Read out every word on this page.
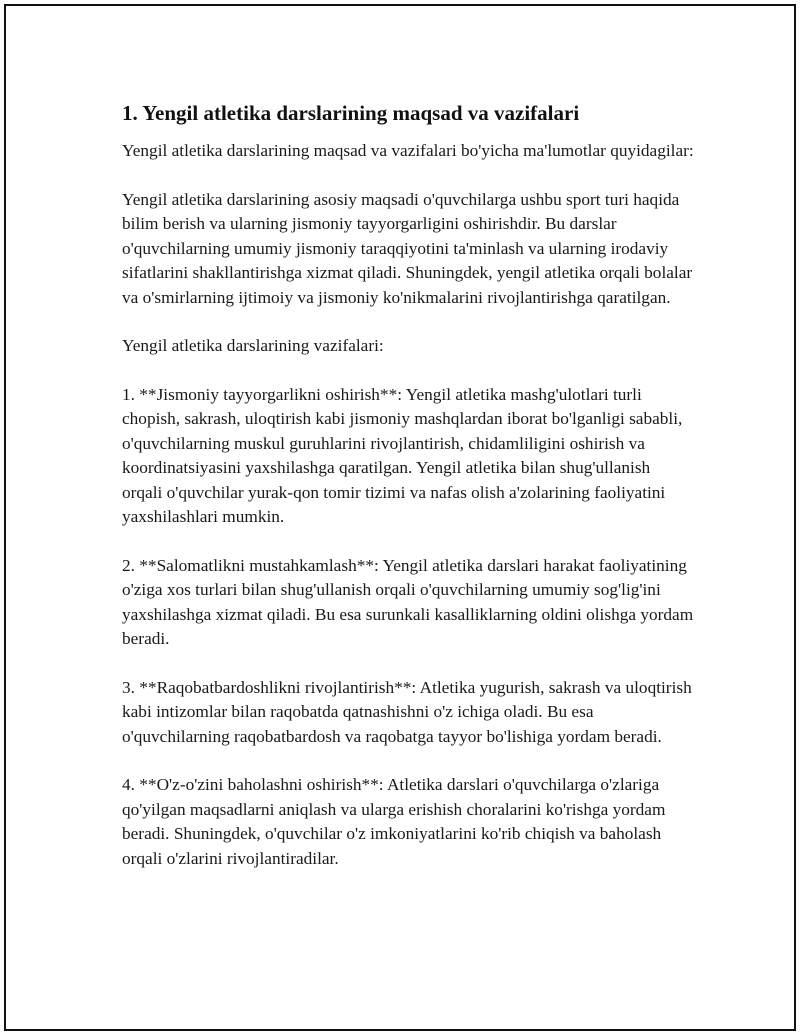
1. Yengil atletika darslarining maqsad va vazifalari

Yengil atletika darslarining maqsad va vazifalari bo'yicha ma'lumotlar quyidagilar:

Yengil atletika darslarining asosiy maqsadi o'quvchilarga ushbu sport turi haqida bilim berish va ularning jismoniy tayyorgarligini oshirishdir. Bu darslar o'quvchilarning umumiy jismoniy taraqqiyotini ta'minlash va ularning irodaviy sifatlarini shakllantirishga xizmat qiladi. Shuningdek, yengil atletika orqali bolalar va o'smirlarning ijtimoiy va jismoniy ko'nikmalarini rivojlantirishga qaratilgan.

Yengil atletika darslarining vazifalari:

1. **Jismoniy tayyorgarlikni oshirish**: Yengil atletika mashg'ulotlari turli chopish, sakrash, uloqtirish kabi jismoniy mashqlardan iborat bo'lganligi sababli, o'quvchilarning muskul guruhlarini rivojlantirish, chidamliligini oshirish va koordinatsiyasini yaxshilashga qaratilgan. Yengil atletika bilan shug'ullanish orqali o'quvchilar yurak-qon tomir tizimi va nafas olish a'zolarining faoliyatini yaxshilashlari mumkin.

2. **Salomatlikni mustahkamlash**: Yengil atletika darslari harakat faoliyatining o'ziga xos turlari bilan shug'ullanish orqali o'quvchilarning umumiy sog'lig'ini yaxshilashga xizmat qiladi. Bu esa surunkali kasalliklarning oldini olishga yordam beradi.

3. **Raqobatbardoshlikni rivojlantirish**: Atletika yugurish, sakrash va uloqtirish kabi intizomlar bilan raqobatda qatnashishni o'z ichiga oladi. Bu esa o'quvchilarning raqobatbardosh va raqobatga tayyor bo'lishiga yordam beradi.

4. **O'z-o'zini baholashni oshirish**: Atletika darslari o'quvchilarga o'zlariga qo'yilgan maqsadlarni aniqlash va ularga erishish choralarini ko'rishga yordam beradi. Shuningdek, o'quvchilar o'z imkoniyatlarini ko'rib chiqish va baholash orqali o'zlarini rivojlantiradilar.
